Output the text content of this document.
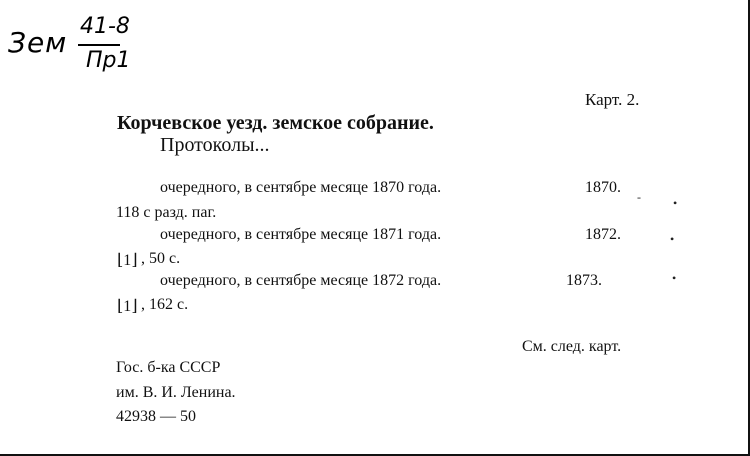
Зем 41-8
Пр1
Карт. 2.
Корчевское уезд. земское собрание.
Протоколы...
очередного, в сентябре месяце 1870 года.	1870.
118 с разд. паг.
очередного, в сентябре месяце 1871 года.	1872.
⌊1⌋ , 50 с.
очередного, в сентябре месяце 1872 года.	1873.
⌊1⌋ , 162 с.
-	•
•
•
См. след. карт.
Гос. б-ка СССР
им. В. И. Ленина.
42938 — 50
